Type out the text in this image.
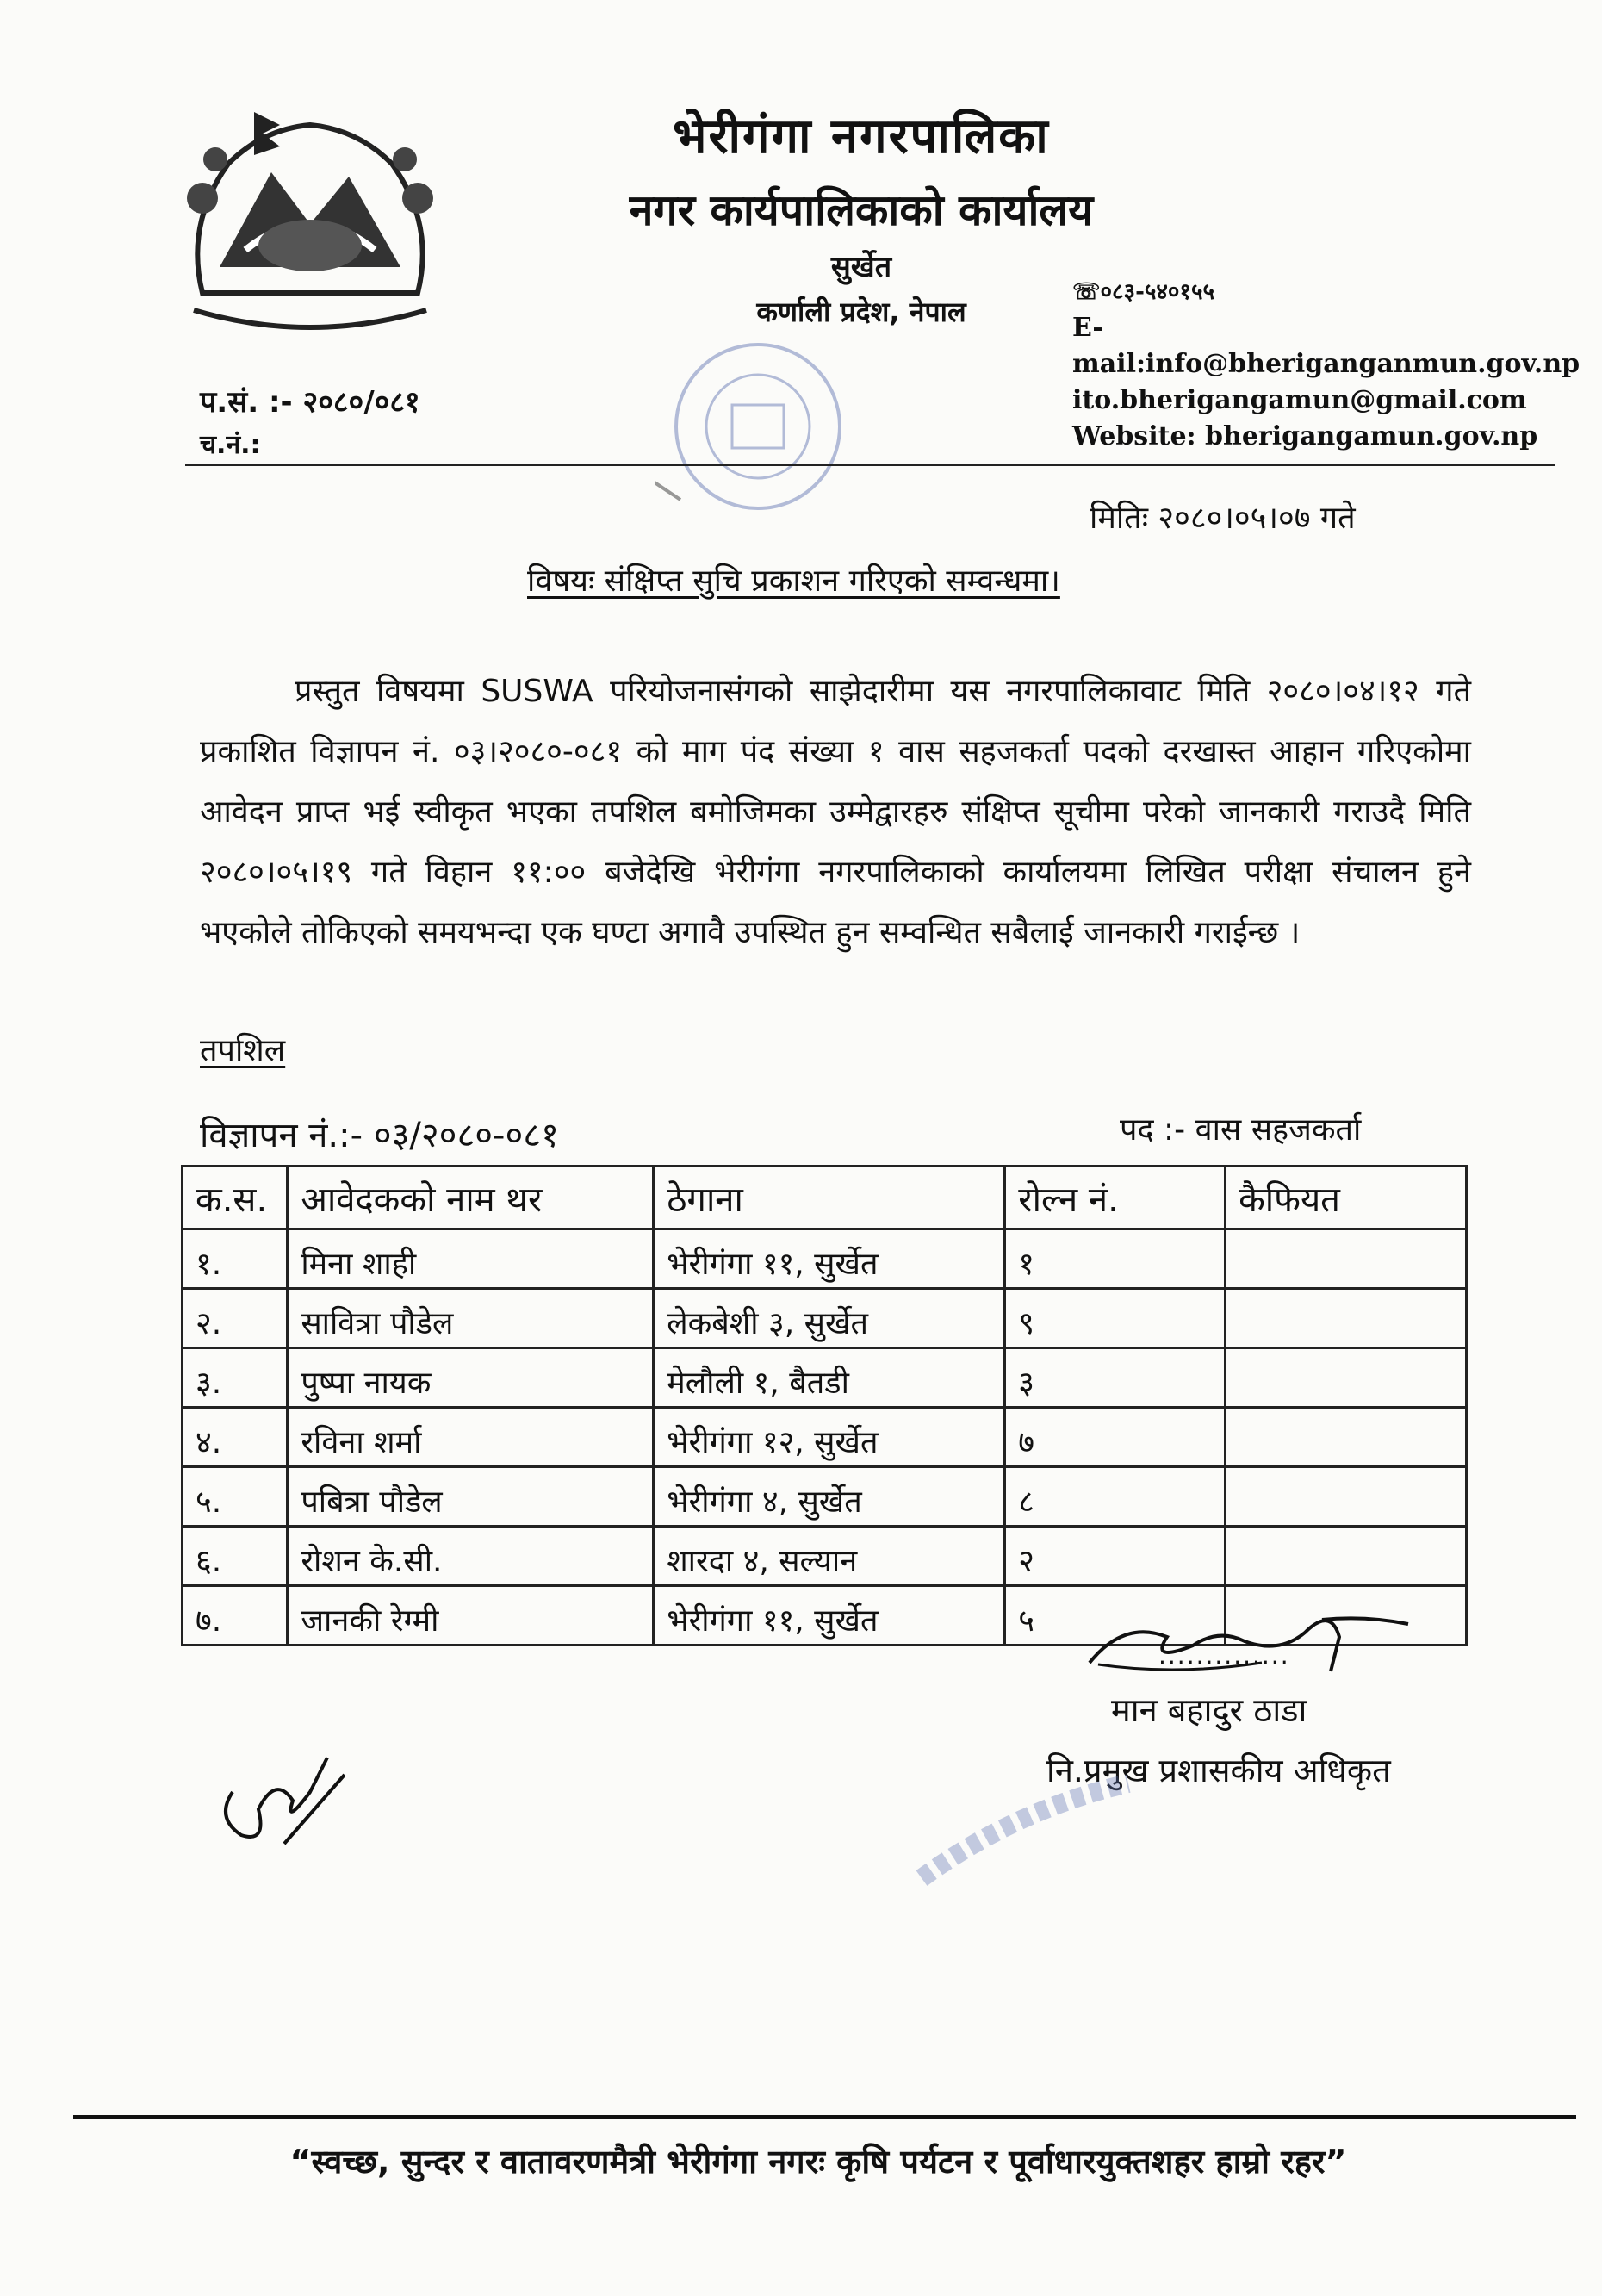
भेरीगंगा नगरपालिका
नगर कार्यपालिकाको कार्यालय
सुर्खेत
कर्णाली प्रदेश, नेपाल
☏०८३-५४०१५५
E-mail:info@bheriganganmun.gov.np
ito.bherigangamun@gmail.com
Website: bherigangamun.gov.np
प.सं. :- २०८०/०८१
च.नं.:
मितिः २०८०।०५।०७ गते
विषयः संक्षिप्त सुचि प्रकाशन गरिएको सम्वन्धमा।
प्रस्तुत विषयमा SUSWA परियोजनासंगको साझेदारीमा यस नगरपालिकावाट मिति २०८०।०४।१२ गते प्रकाशित विज्ञापन नं. ०३।२०८०-०८१ को माग पंद संख्या १ वास सहजकर्ता पदको दरखास्त आहान गरिएकोमा आवेदन प्राप्त भई स्वीकृत भएका तपशिल बमोजिमका उम्मेद्वारहरु संक्षिप्त सूचीमा परेको जानकारी गराउदै मिति २०८०।०५।१९ गते विहान ११:०० बजेदेखि भेरीगंगा नगरपालिकाको कार्यालयमा लिखित परीक्षा संचालन हुने भएकोले तोकिएको समयभन्दा एक घण्टा अगावै उपस्थित हुन सम्वन्धित सबैलाई जानकारी गराईन्छ ।
तपशिल
विज्ञापन नं.:- ०३/२०८०-०८१	पद :- वास सहजकर्ता
क.स.	आवेदकको नाम थर	ठेगाना	रोल्न नं.	कैफियत
१.	मिना शाही	भेरीगंगा ११, सुर्खेत	१	
२.	सावित्रा पौडेल	लेकबेशी ३, सुर्खेत	९	
३.	पुष्पा नायक	मेलौली १, बैतडी	३	
४.	रविना शर्मा	भेरीगंगा १२, सुर्खेत	७	
५.	पबित्रा पौडेल	भेरीगंगा ४, सुर्खेत	८	
६.	रोशन के.सी.	शारदा ४, सल्यान	२	
७.	जानकी रेग्मी	भेरीगंगा ११, सुर्खेत	५	
..............
मान बहादुर ठाडा
नि.प्रमुख प्रशासकीय अधिकृत
“स्वच्छ, सुन्दर र वातावरणमैत्री भेरीगंगा नगरः कृषि पर्यटन र पूर्वाधारयुक्तशहर हाम्रो रहर”
